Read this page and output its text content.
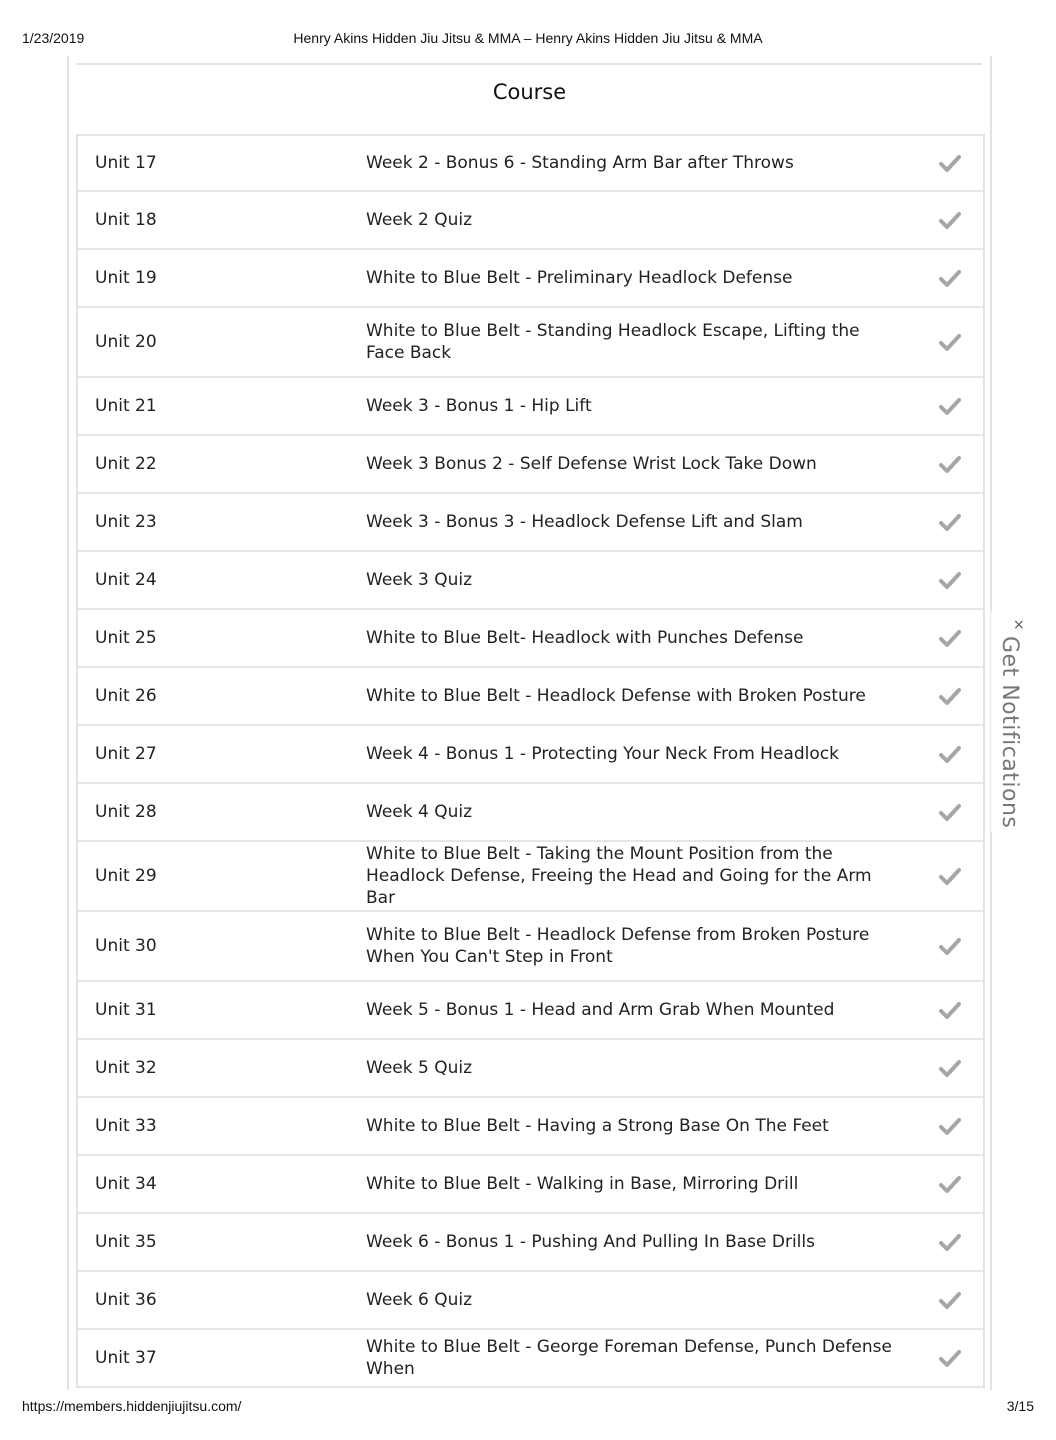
1/23/2019	Henry Akins Hidden Jiu Jitsu & MMA – Henry Akins Hidden Jiu Jitsu & MMA
Course
Unit 17	Week 2 - Bonus 6 - Standing Arm Bar after Throws
Unit 18	Week 2 Quiz
Unit 19	White to Blue Belt - Preliminary Headlock Defense
Unit 20
White to Blue Belt - Standing Headlock Escape, Lifting the Face Back
Unit 21	Week 3 - Bonus 1 - Hip Lift
Unit 22	Week 3 Bonus 2 - Self Defense Wrist Lock Take Down
Unit 23	Week 3 - Bonus 3 - Headlock Defense Lift and Slam
Unit 24	Week 3 Quiz
Unit 25	White to Blue Belt- Headlock with Punches Defense
Unit 26	White to Blue Belt - Headlock Defense with Broken Posture
Unit 27	Week 4 - Bonus 1 - Protecting Your Neck From Headlock
Unit 28	Week 4 Quiz
Unit 29
White to Blue Belt - Taking the Mount Position from the Headlock Defense, Freeing the Head and Going for the Arm Bar
Unit 30
White to Blue Belt - Headlock Defense from Broken Posture When You Can't Step in Front
Unit 31	Week 5 - Bonus 1 - Head and Arm Grab When Mounted
Unit 32	Week 5 Quiz
Unit 33	White to Blue Belt - Having a Strong Base On The Feet
Unit 34	White to Blue Belt - Walking in Base, Mirroring Drill
Unit 35	Week 6 - Bonus 1 - Pushing And Pulling In Base Drills
Unit 36	Week 6 Quiz
Unit 37
White to Blue Belt - George Foreman Defense, Punch Defense When
×
Get Notifications
https://members.hiddenjiujitsu.com/	3/15
